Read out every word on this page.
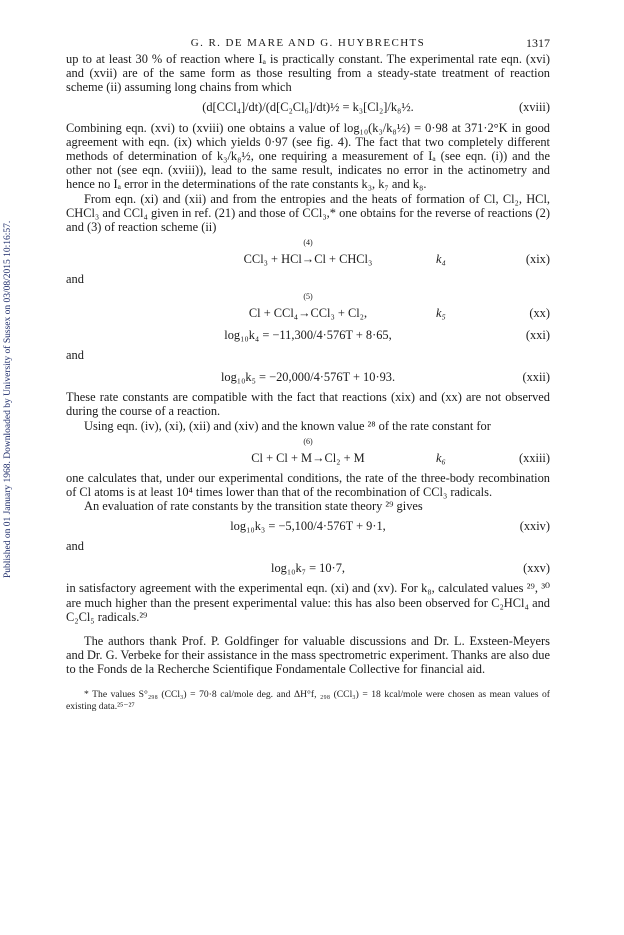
Published on 01 January 1968. Downloaded by University of Sussex on 03/08/2015 10:16:57.
G. R. DE MARE AND G. HUYBRECHTS	1317

up to at least 30 % of reaction where Iₐ is practically constant. The experimental rate eqn. (xvi) and (xvii) are of the same form as those resulting from a steady-state treatment of reaction scheme (ii) assuming long chains from which

(d[CCl₄]/dt)/(d[C₂Cl₆]/dt)½ = k₃[Cl₂]/k₈½.	(xviii)

Combining eqn. (xvi) to (xviii) one obtains a value of log₁₀(k₃/k₈½) = 0·98 at 371·2°K in good agreement with eqn. (ix) which yields 0·97 (see fig. 4). The fact that two completely different methods of determination of k₃/k₈½, one requiring a measurement of Iₐ (see eqn. (i)) and the other not (see eqn. (xviii)), lead to the same result, indicates no error in the actinometry and hence no Iₐ error in the determinations of the rate constants k₃, k₇ and k₈.

From eqn. (xi) and (xii) and from the entropies and the heats of formation of Cl, Cl₂, HCl, CHCl₃ and CCl₄ given in ref. (21) and those of CCl₃,* one obtains for the reverse of reactions (2) and (3) of reaction scheme (ii)

(4)
CCl₃ + HCl→Cl + CHCl₃	k₄	(xix)
and
(5)
Cl + CCl₄→CCl₃ + Cl₂,	k₅	(xx)
log₁₀k₄ = −11,300/4·576T + 8·65,	(xxi)
and
log₁₀k₅ = −20,000/4·576T + 10·93.	(xxii)

These rate constants are compatible with the fact that reactions (xix) and (xx) are not observed during the course of a reaction.

Using eqn. (iv), (xi), (xii) and (xiv) and the known value ²⁸ of the rate constant for

(6)
Cl + Cl + M→Cl₂ + M	k₆	(xxiii)

one calculates that, under our experimental conditions, the rate of the three-body recombination of Cl atoms is at least 10⁴ times lower than that of the recombination of CCl₃ radicals.

An evaluation of rate constants by the transition state theory ²⁹ gives

log₁₀k₃ = −5,100/4·576T + 9·1,	(xxiv)
and
log₁₀k₇ = 10·7,	(xxv)

in satisfactory agreement with the experimental eqn. (xi) and (xv). For k₈, calculated values ²⁹, ³⁰ are much higher than the present experimental value: this has also been observed for C₂HCl₄ and C₂Cl₅ radicals.²⁹

The authors thank Prof. P. Goldfinger for valuable discussions and Dr. L. Exsteen-Meyers and Dr. G. Verbeke for their assistance in the mass spectrometric experiment. Thanks are also due to the Fonds de la Recherche Scientifique Fondamentale Collective for financial aid.

* The values S°₂₉₈ (CCl₃) = 70·8 cal/mole deg. and ΔH°f, ₂₉₈ (CCl₃) = 18 kcal/mole were chosen as mean values of existing data.²⁵⁻²⁷
